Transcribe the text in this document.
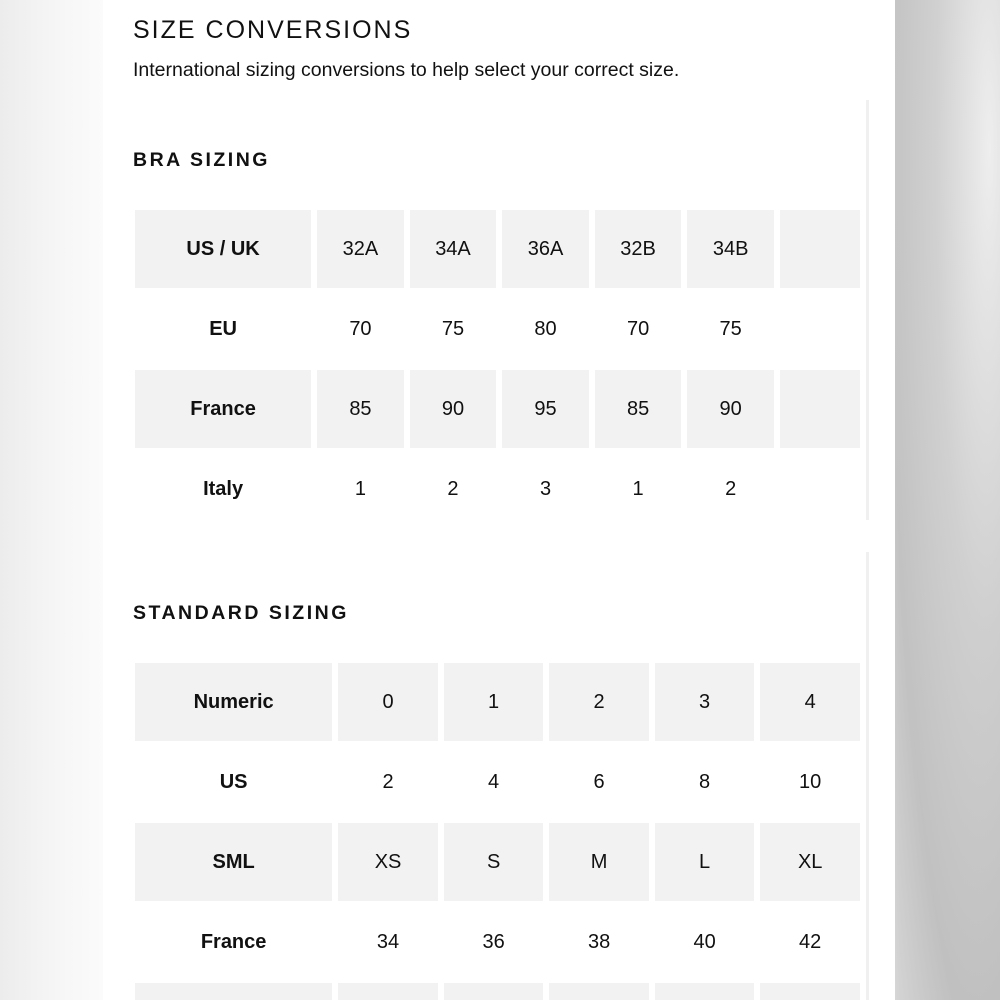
SIZE CONVERSIONS

International sizing conversions to help select your correct size.

BRA SIZING
US / UK	32A	34A	36A	32B	34B	
EU	70	75	80	70	75	
France	85	90	95	85	90	
Italy	1	2	3	1	2	
STANDARD SIZING
Numeric	0	1	2	3	4
US	2	4	6	8	10
SML	XS	S	M	L	XL
France	34	36	38	40	42
